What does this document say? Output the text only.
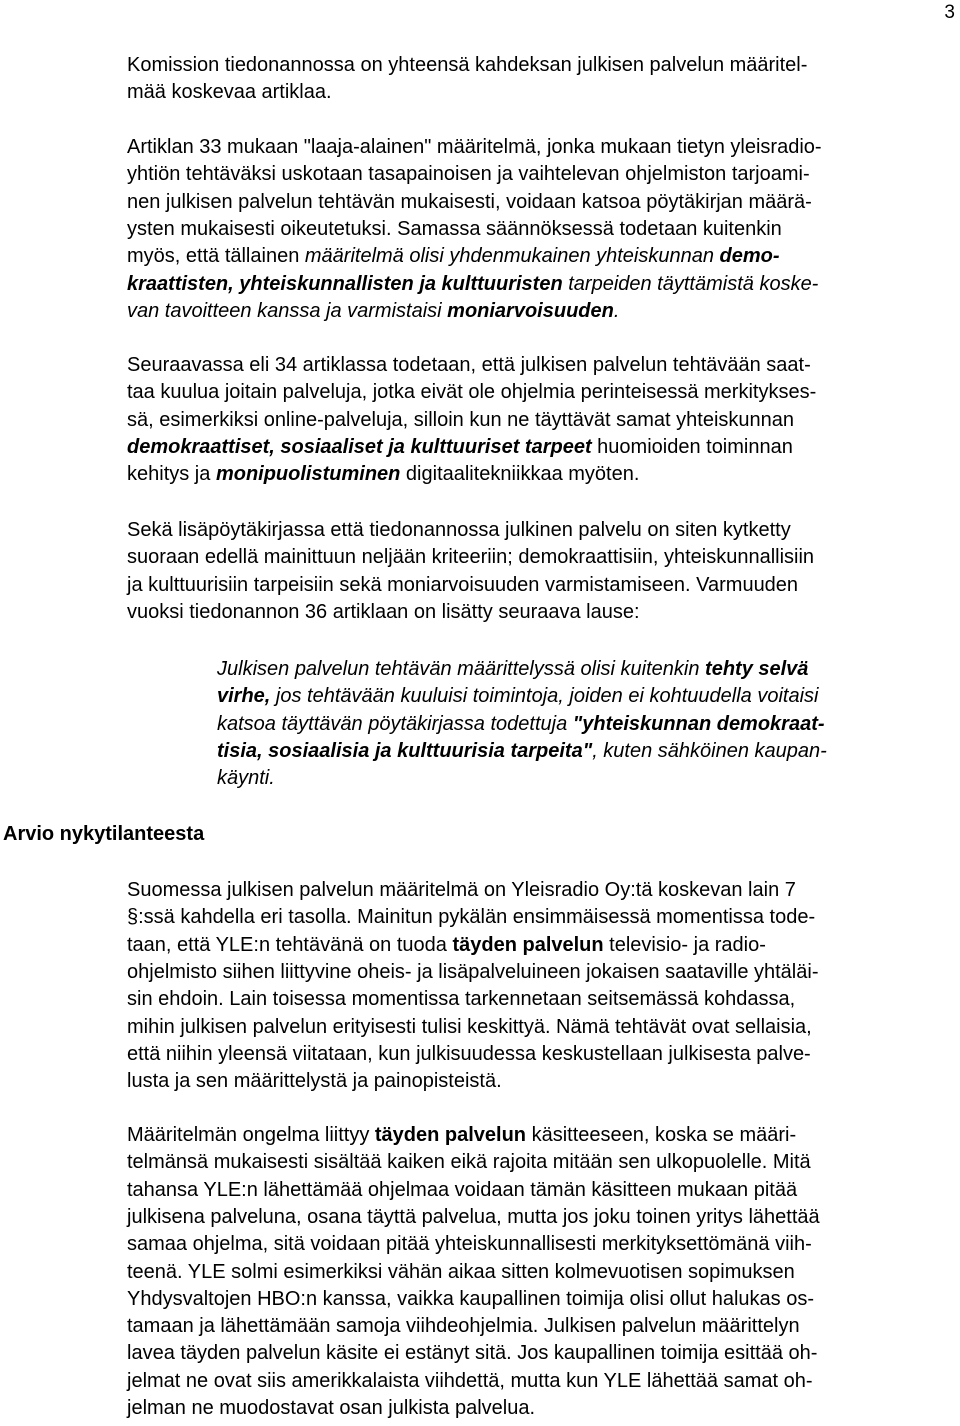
3
Arvio nykytilanteesta
Komission tiedonannossa on yhteensä kahdeksan julkisen palvelun määritel-
mää koskevaa artiklaa.
Artiklan 33 mukaan "laaja-alainen" määritelmä, jonka mukaan tietyn yleisradio-
yhtiön tehtäväksi uskotaan tasapainoisen ja vaihtelevan ohjelmiston tarjoami-
nen julkisen palvelun tehtävän mukaisesti, voidaan katsoa pöytäkirjan määrä-
ysten mukaisesti oikeutetuksi. Samassa säännöksessä todetaan kuitenkin
myös, että tällainen määritelmä olisi yhdenmukainen yhteiskunnan demo-
kraattisten, yhteiskunnallisten ja kulttuuristen tarpeiden täyttämistä koske-
van tavoitteen kanssa ja varmistaisi moniarvoisuuden.
Seuraavassa eli 34 artiklassa todetaan, että julkisen palvelun tehtävään saat-
taa kuulua joitain palveluja, jotka eivät ole ohjelmia perinteisessä merkitykses-
sä, esimerkiksi online-palveluja, silloin kun ne täyttävät samat yhteiskunnan
demokraattiset, sosiaaliset ja kulttuuriset tarpeet huomioiden toiminnan
kehitys ja monipuolistuminen digitaalitekniikkaa myöten.
Sekä lisäpöytäkirjassa että tiedonannossa julkinen palvelu on siten kytketty
suoraan edellä mainittuun neljään kriteeriin; demokraattisiin, yhteiskunnallisiin
ja kulttuurisiin tarpeisiin sekä moniarvoisuuden varmistamiseen. Varmuuden
vuoksi tiedonannon 36 artiklaan on lisätty seuraava lause:
Julkisen palvelun tehtävän määrittelyssä olisi kuitenkin tehty selvä
virhe, jos tehtävään kuuluisi toimintoja, joiden ei kohtuudella voitaisi
katsoa täyttävän pöytäkirjassa todettuja "yhteiskunnan demokraat-
tisia, sosiaalisia ja kulttuurisia tarpeita", kuten sähköinen kaupan-
käynti.
Suomessa julkisen palvelun määritelmä on Yleisradio Oy:tä koskevan lain 7
§:ssä kahdella eri tasolla. Mainitun pykälän ensimmäisessä momentissa tode-
taan, että YLE:n tehtävänä on tuoda täyden palvelun televisio- ja radio-
ohjelmisto siihen liittyvine oheis- ja lisäpalveluineen jokaisen saataville yhtäläi-
sin ehdoin. Lain toisessa momentissa tarkennetaan seitsemässä kohdassa,
mihin julkisen palvelun erityisesti tulisi keskittyä. Nämä tehtävät ovat sellaisia,
että niihin yleensä viitataan, kun julkisuudessa keskustellaan julkisesta palve-
lusta ja sen määrittelystä ja painopisteistä.
Määritelmän ongelma liittyy täyden palvelun käsitteeseen, koska se määri-
telmänsä mukaisesti sisältää kaiken eikä rajoita mitään sen ulkopuolelle. Mitä
tahansa YLE:n lähettämää ohjelmaa voidaan tämän käsitteen mukaan pitää
julkisena palveluna, osana täyttä palvelua, mutta jos joku toinen yritys lähettää
samaa ohjelma, sitä voidaan pitää yhteiskunnallisesti merkityksettömänä viih-
teenä. YLE solmi esimerkiksi vähän aikaa sitten kolmevuotisen sopimuksen
Yhdysvaltojen HBO:n kanssa, vaikka kaupallinen toimija olisi ollut halukas os-
tamaan ja lähettämään samoja viihdeohjelmia. Julkisen palvelun määrittelyn
lavea täyden palvelun käsite ei estänyt sitä. Jos kaupallinen toimija esittää oh-
jelmat ne ovat siis amerikkalaista viihdettä, mutta kun YLE lähettää samat oh-
jelman ne muodostavat osan julkista palvelua.
